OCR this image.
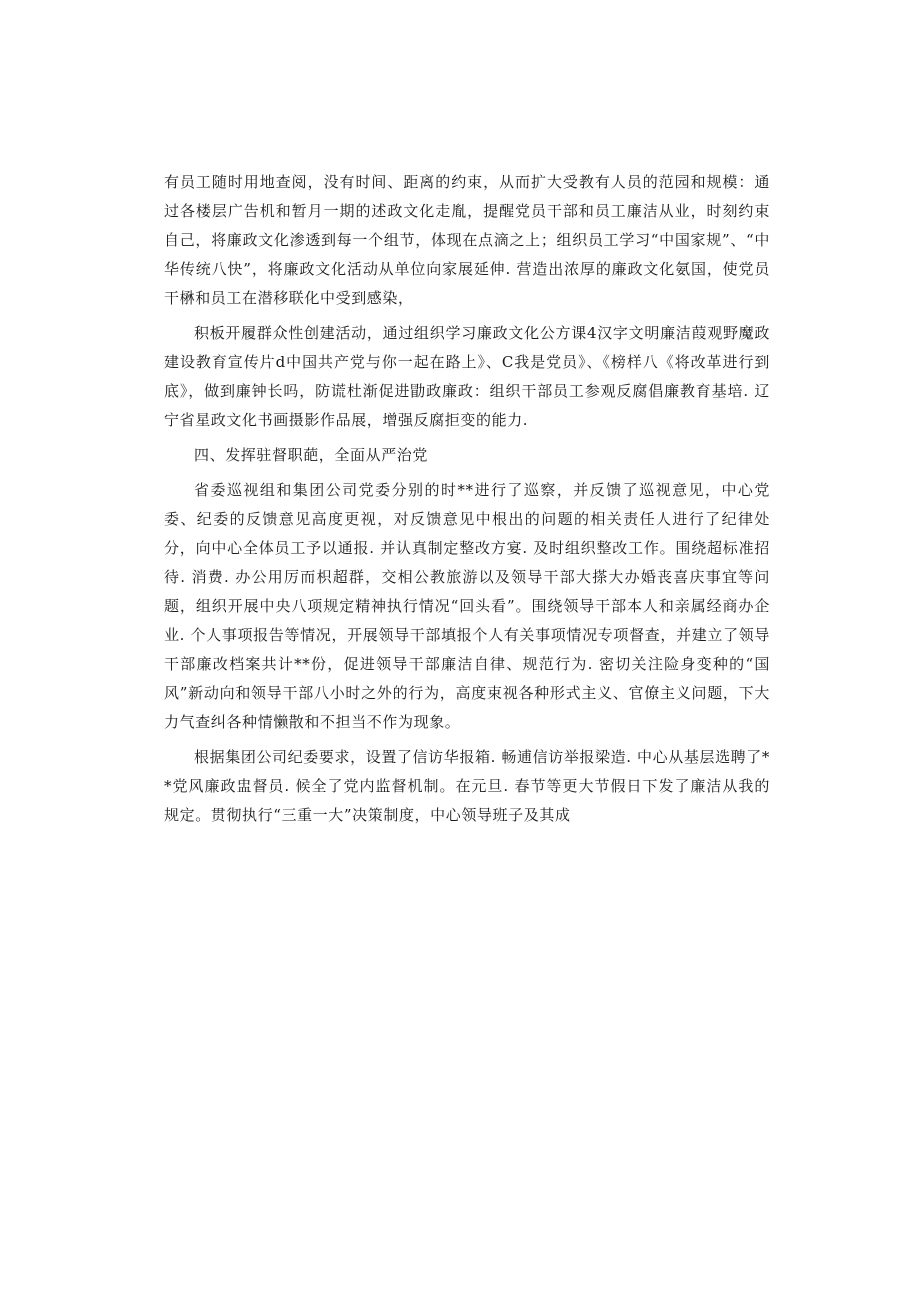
有员工随时用地查阅，没有时间、距离的约束，从而扩大受教有人员的范园和规模：通过各楼层广告机和暂月一期的述政文化走胤，提醒党员干部和员工廉洁从业，时刻约束自己，将廉政文化渗透到每一个组节，体现在点滴之上；组织员工学习“中国家规”、“中华传统八快”，将廉政文化活动从单位向家展延伸. 营造出浓厚的廉政文化氨国，使党员干楙和员工在潜移联化中受到感染，

积板开履群众性创建活动，通过组织学习廉政文化公方课4汉字文明廉洁葭观野魔政建设教育宣传片d中国共产党与你一起在路上》、C我是党员》、《榜样八《将改革进行到底》，做到廉钟长吗，防谎杜渐促进勖政廉政：组织干部员工参观反腐倡廉教育基培. 辽宁省星政文化书画摄影作品展，增强反腐拒变的能力.

四、发挥驻督职葩，全面从严治党

省委巡视组和集团公司党委分别的时**进行了巡察，并反馈了巡视意见，中心党委、纪委的反馈意见高度更视，对反馈意见中根出的问题的相关责任人进行了纪律处分，向中心全体员工予以通报. 并认真制定整改方宴. 及时组织整改工作。围绕超标准招待. 消费. 办公用厉而枳超群，交相公教旅游以及领导干部大搽大办婚丧喜庆事宜等问题，组织开展中央八项规定精神执行情况“回头看”。围绕领导干部本人和亲属经商办企业. 个人事项报告等情况，开展领导干部填报个人有关事项情况专项督查，并建立了领导干部廉改档案共计**份，促进领导干部廉洁自律、规范行为. 密切关注险身变种的“国风”新动向和领导干部八小时之外的行为，高度束视各种形式主义、官僚主义问题，下大力气查纠各种情懒散和不担当不作为现象。

根据集团公司纪委要求，设置了信访华报箱. 畅逋信访举报梁造. 中心从基层选聘了**党风廉政盅督员. 候全了党内监督机制。在元旦. 春节等更大节假日下发了廉洁从我的规定。贯彻执行“三重一大”决策制度，中心领导班子及其成
